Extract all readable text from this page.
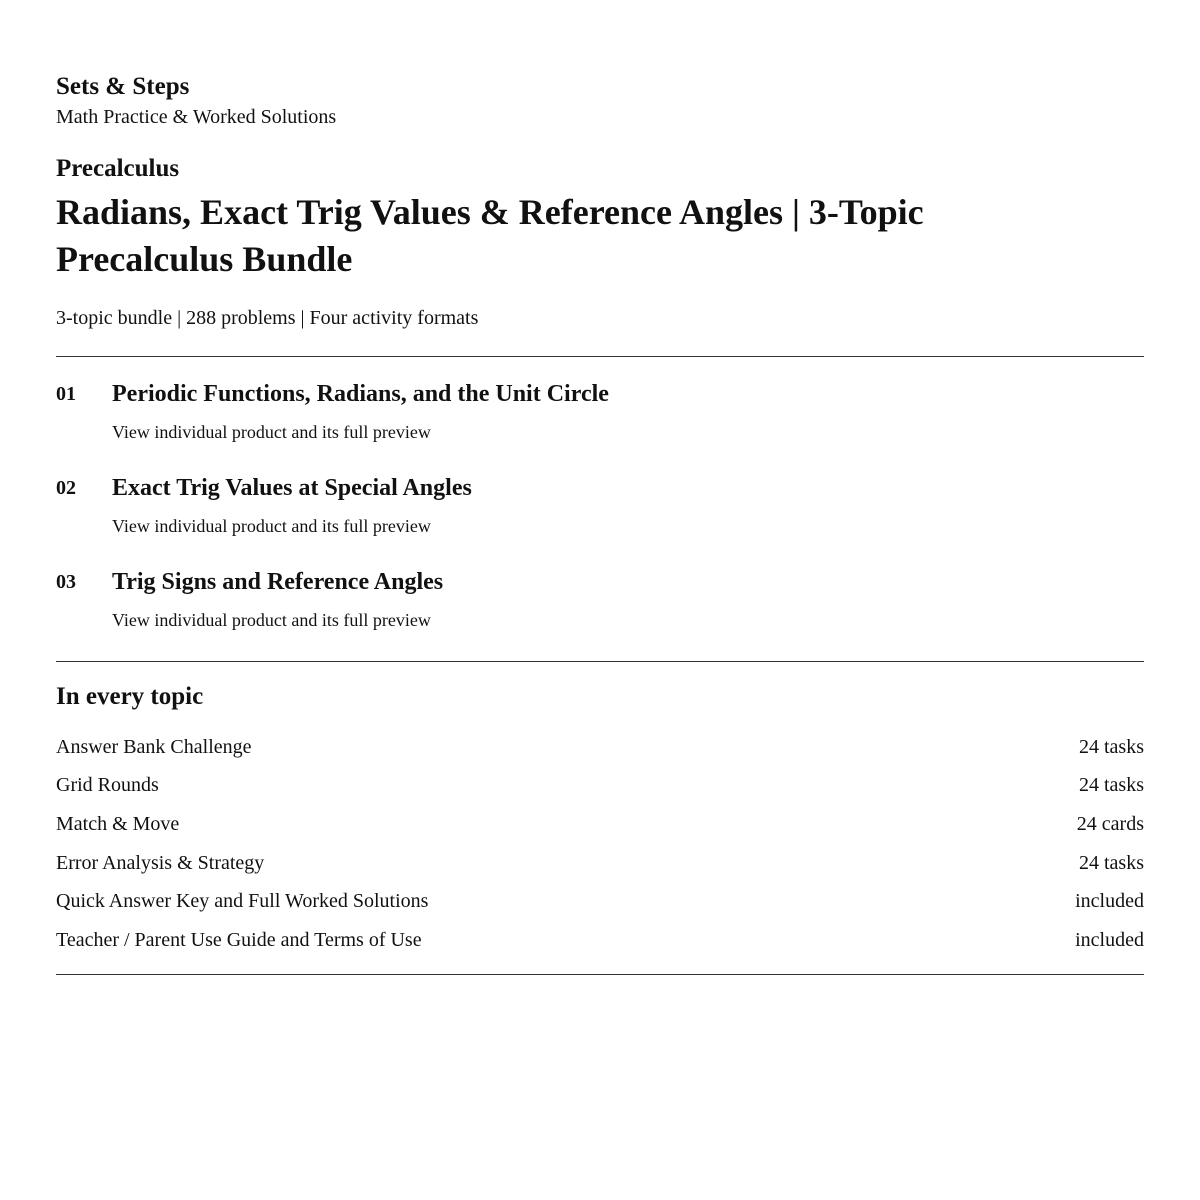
Sets & Steps

Math Practice & Worked Solutions

Precalculus

Radians, Exact Trig Values & Reference Angles | 3-Topic Precalculus Bundle

3-topic bundle | 288 problems | Four activity formats

01	Periodic Functions, Radians, and the Unit Circle
View individual product and its full preview
02	Exact Trig Values at Special Angles
View individual product and its full preview
03	Trig Signs and Reference Angles
View individual product and its full preview
In every topic
Answer Bank Challenge	24 tasks
Grid Rounds	24 tasks
Match & Move	24 cards
Error Analysis & Strategy	24 tasks
Quick Answer Key and Full Worked Solutions	included
Teacher / Parent Use Guide and Terms of Use	included
